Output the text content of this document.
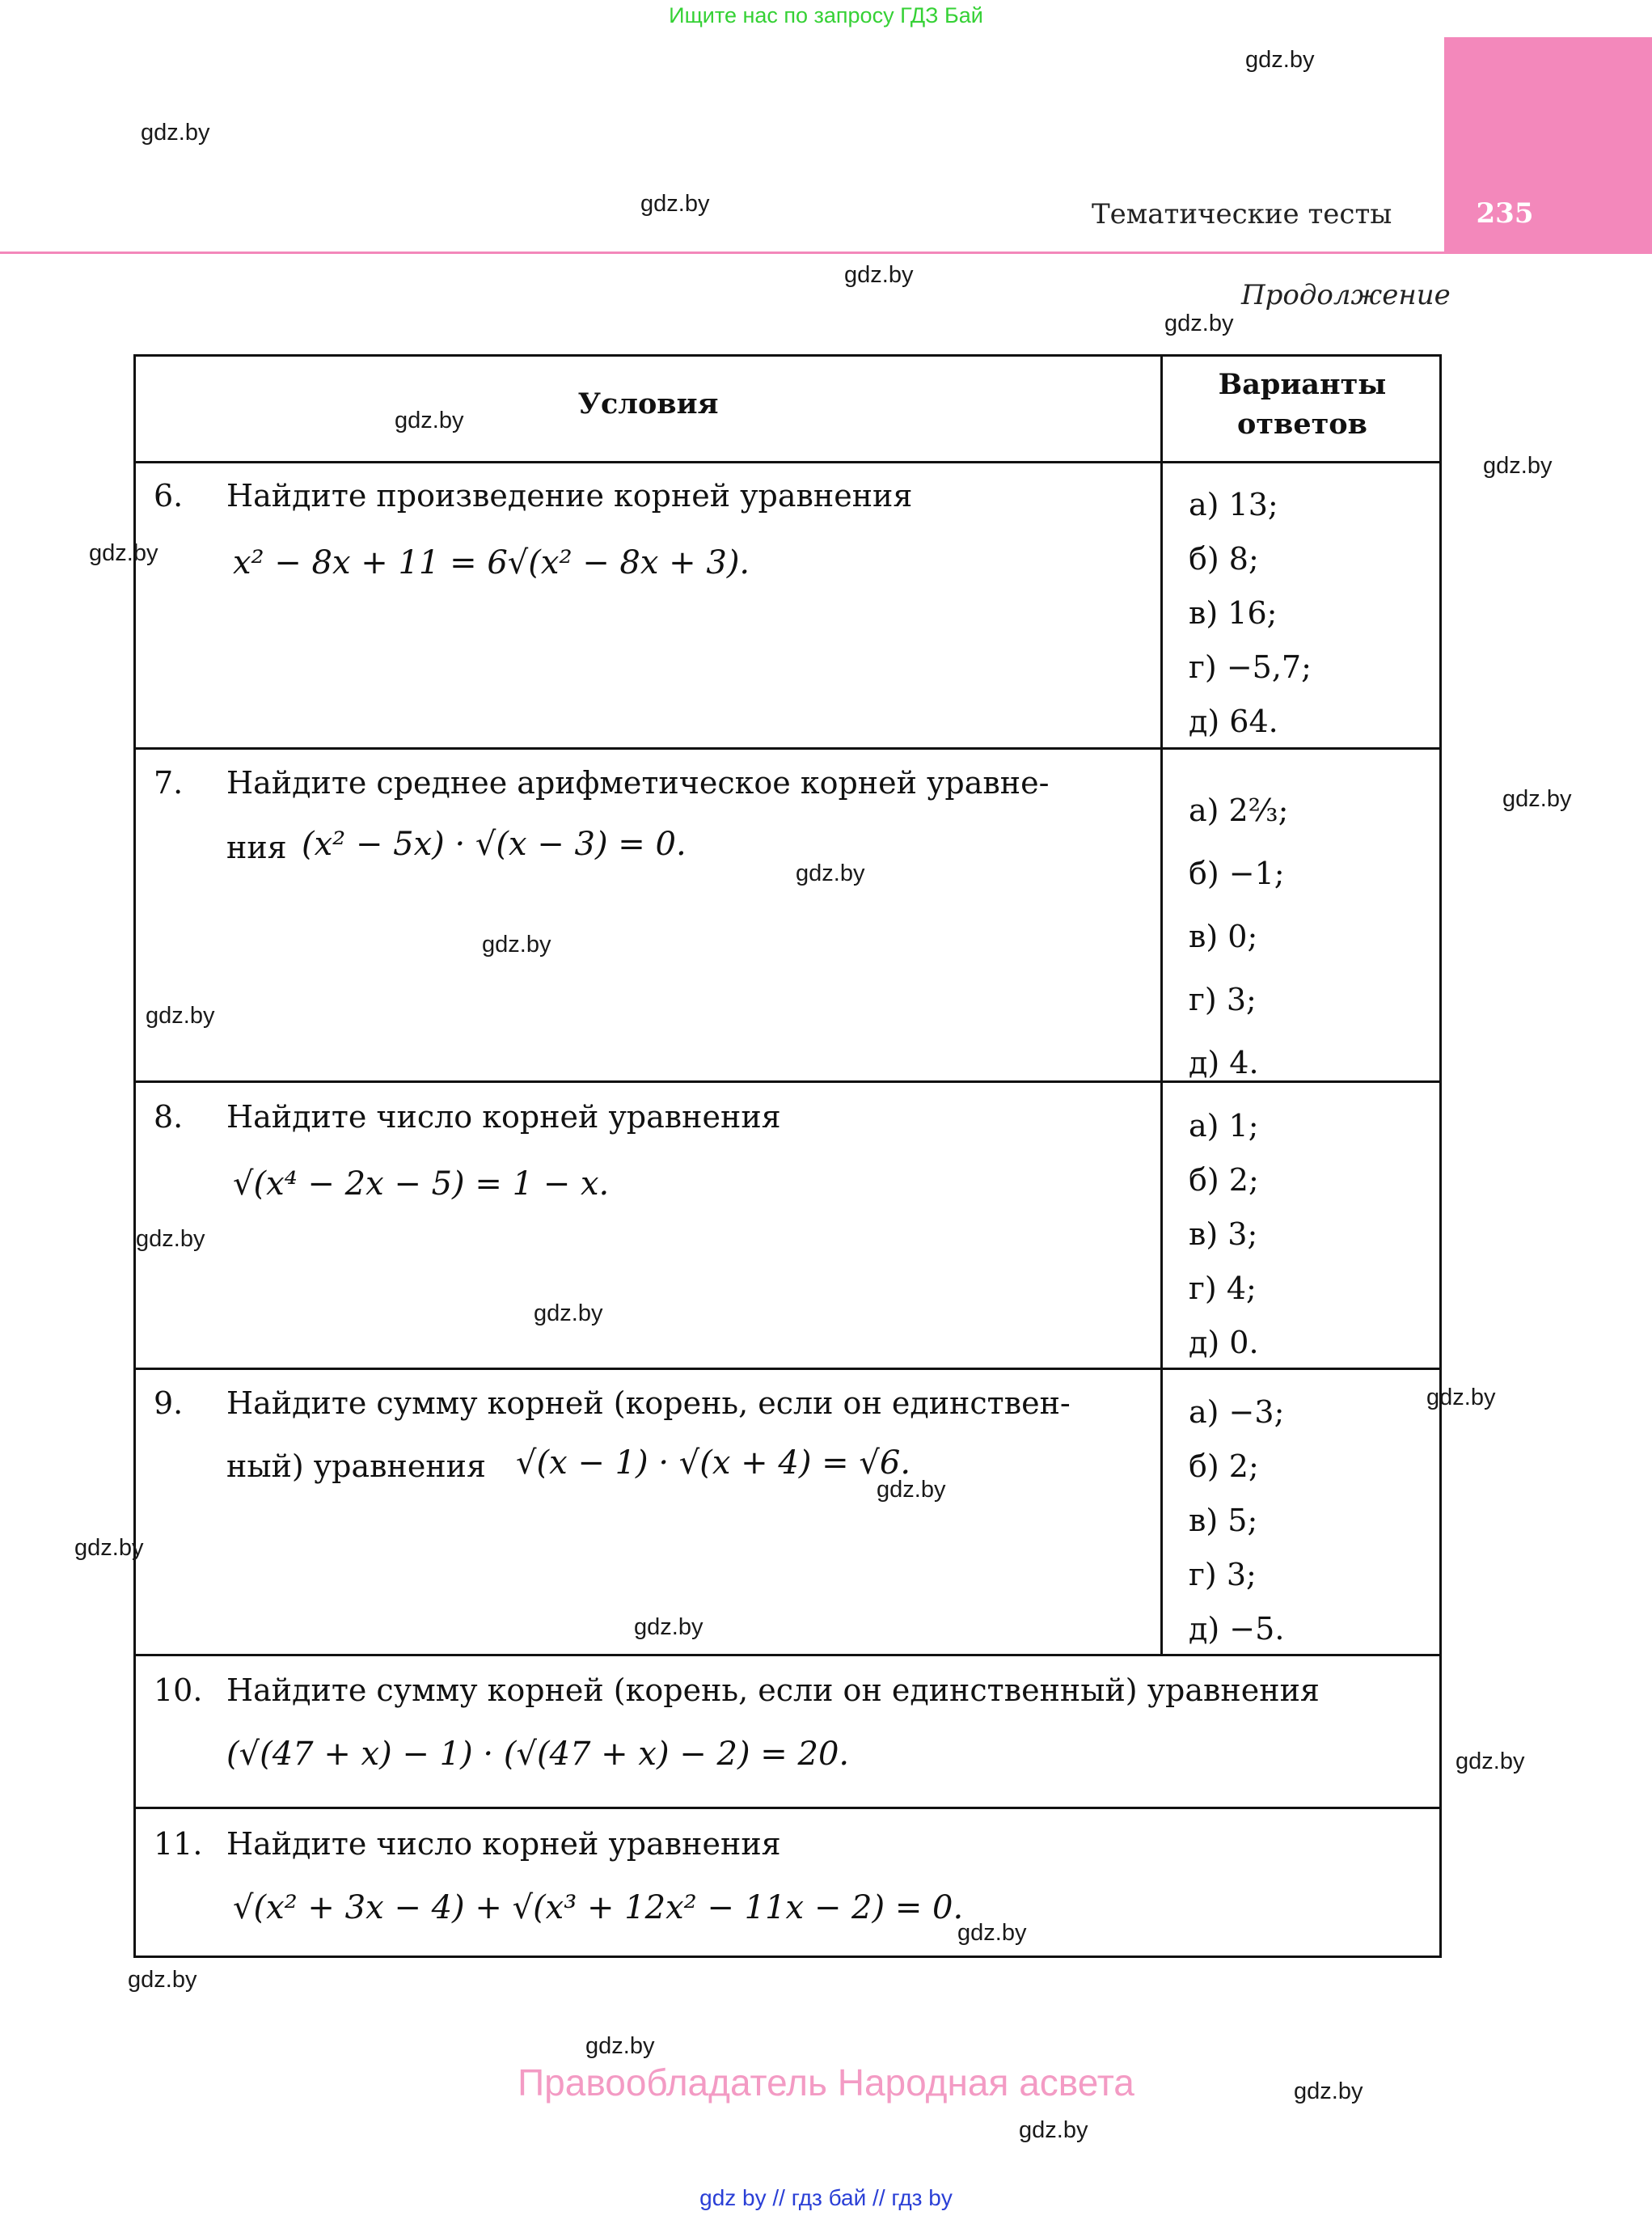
Ищите нас по запросу ГДЗ Бай
235
Тематические тесты
Продолжение
Условия
Варианты
ответов
6. Найдите произведение корней уравнения
x² − 8x + 11 = 6√(x² − 8x + 3).
а) 13;
б) 8;
в) 16;
г) −5,7;
д) 64.
7. Найдите среднее арифметическое корней уравне-
ния (x² − 5x) · √(x − 3) = 0.
а) 2⅔;
б) −1;
в) 0;
г) 3;
д) 4.
8. Найдите число корней уравнения
√(x⁴ − 2x − 5) = 1 − x.
а) 1;
б) 2;
в) 3;
г) 4;
д) 0.
9. Найдите сумму корней (корень, если он единствен-
ный) уравнения √(x − 1) · √(x + 4) = √6.
а) −3;
б) 2;
в) 5;
г) 3;
д) −5.
10. Найдите сумму корней (корень, если он единственный) уравнения
(√(47 + x) − 1) · (√(47 + x) − 2) = 20.
11. Найдите число корней уравнения
√(x² + 3x − 4) + √(x³ + 12x² − 11x − 2) = 0.
gdz.by
gdz.by
gdz.by
gdz.by
gdz.by
gdz.by
gdz.by
gdz.by
gdz.by
gdz.by
gdz.by
gdz.by
gdz.by
gdz.by
gdz.by
gdz.by
gdz.by
gdz.by
gdz.by
gdz.by
gdz.by
gdz.by
gdz.by
gdz.by
Правообладатель Народная асвета
gdz by // гдз бай // гдз by
